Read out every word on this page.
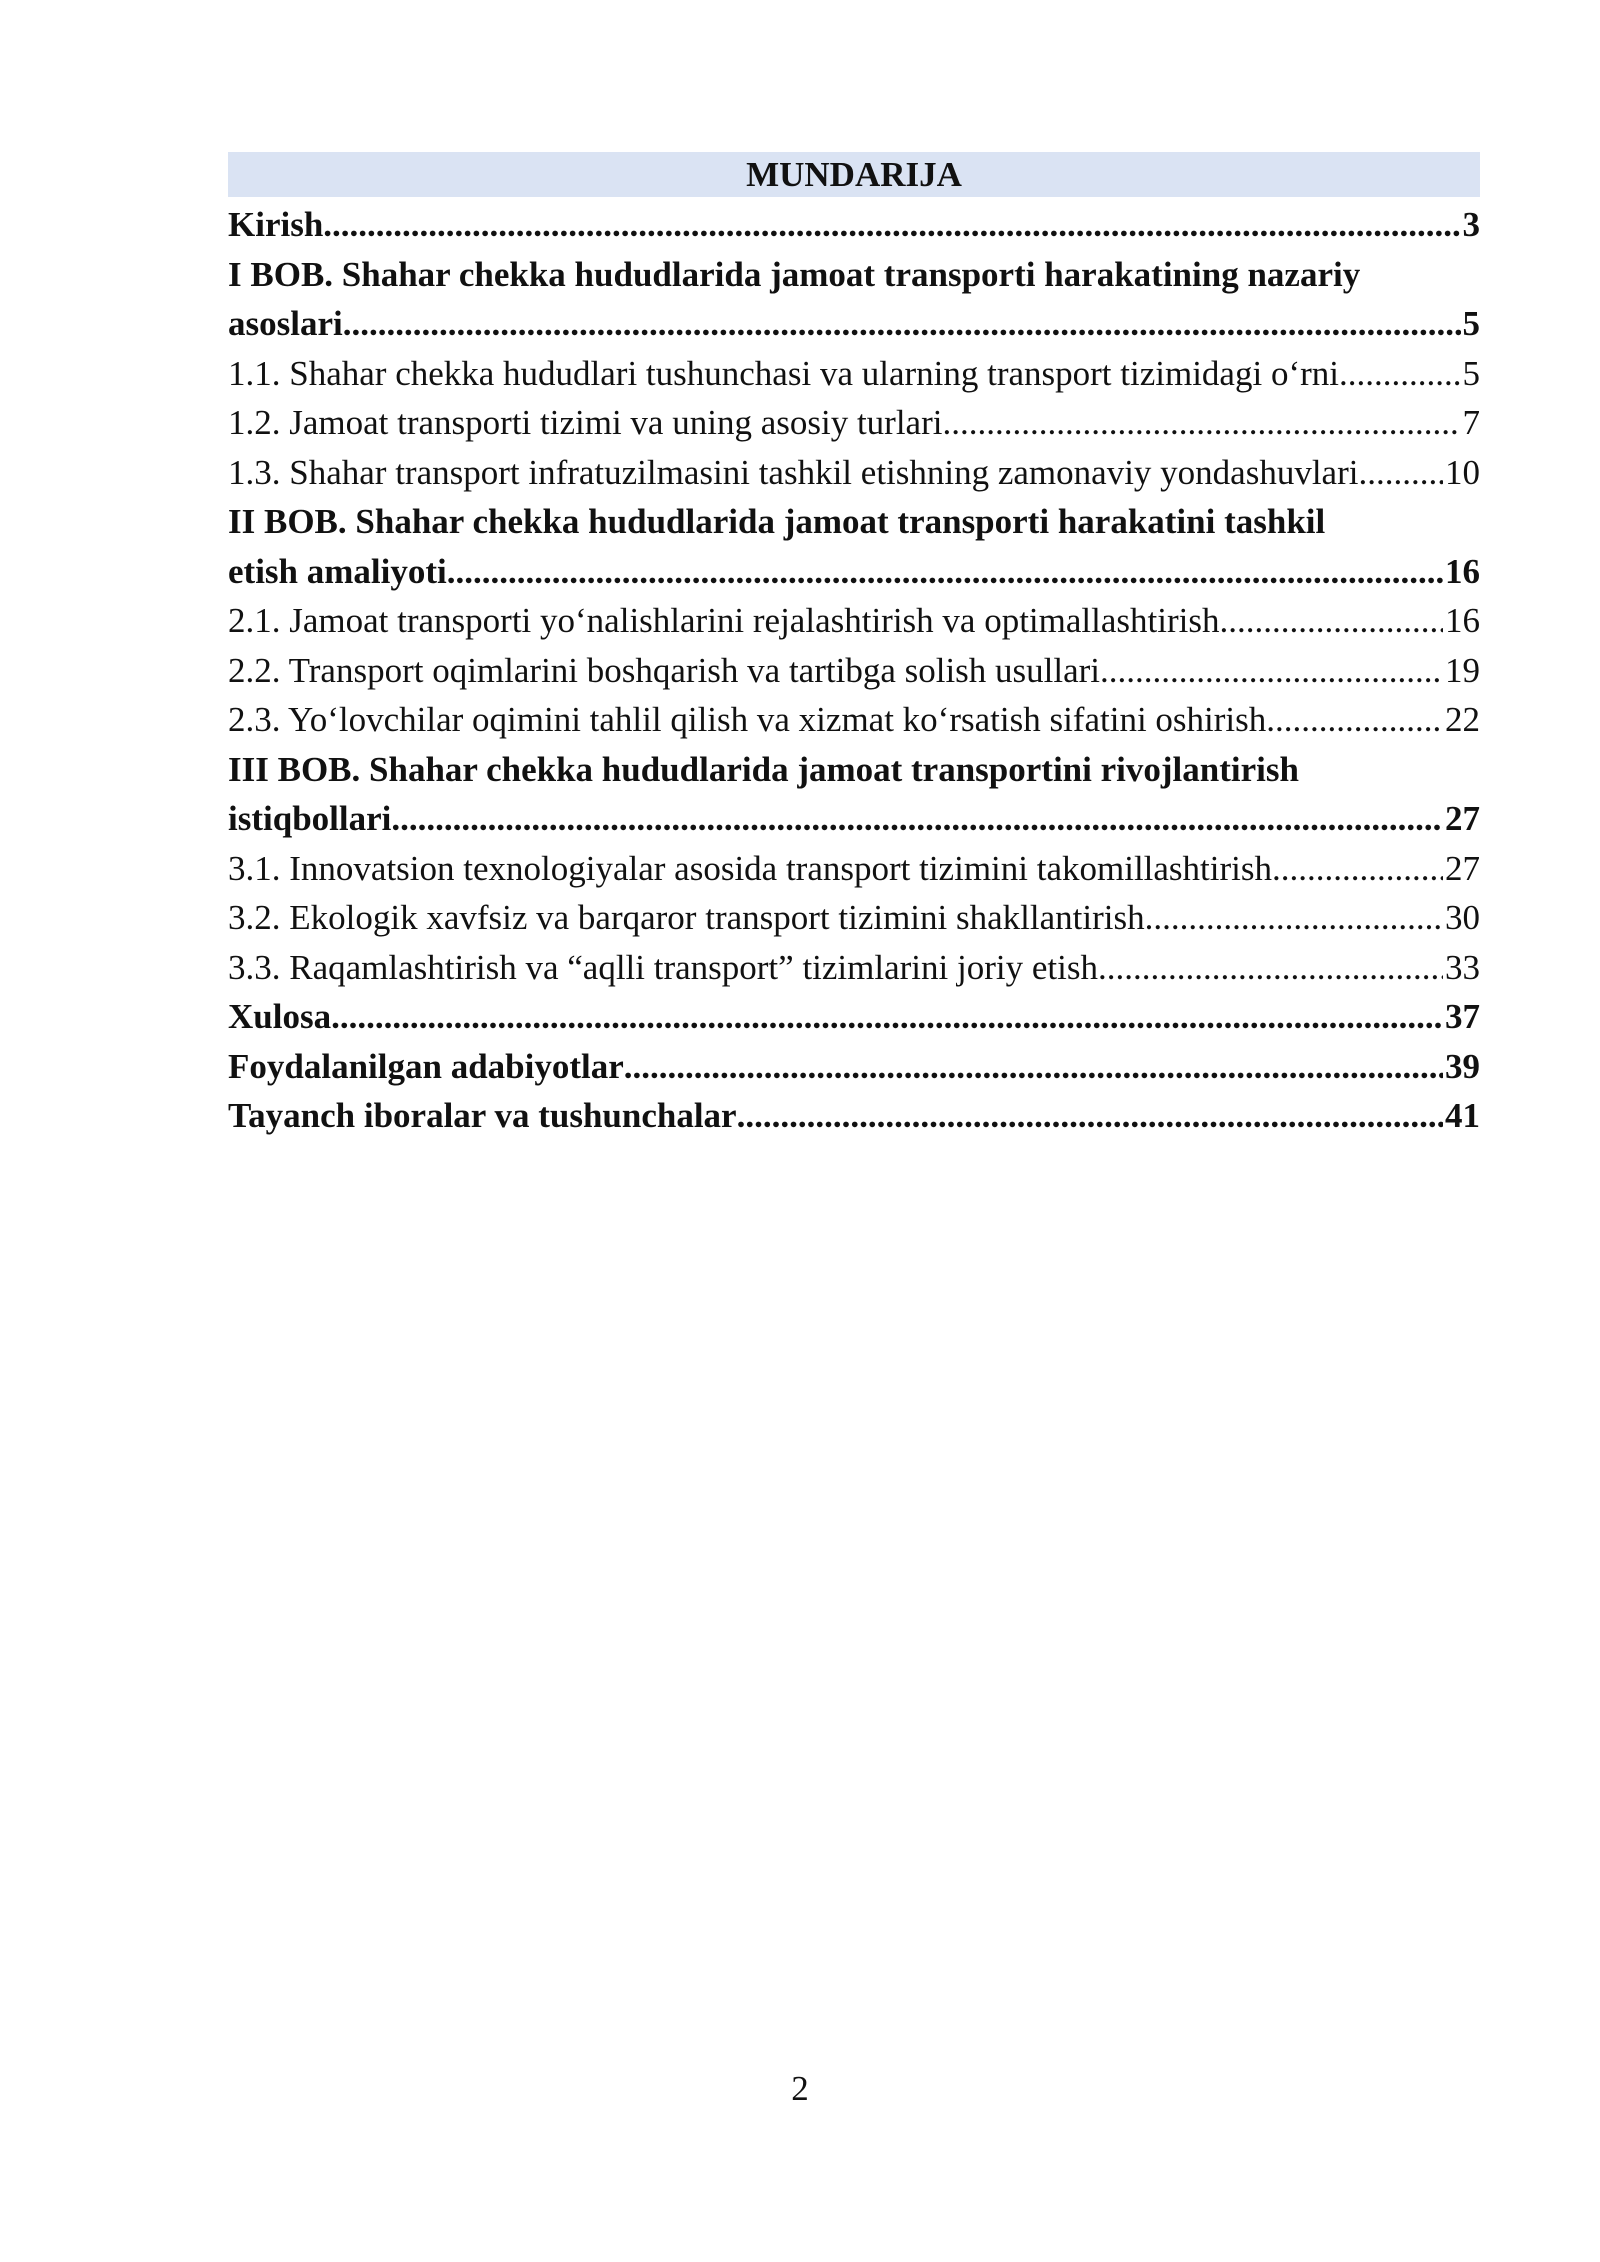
MUNDARIJA
Kirish .....	3
I BOB. Shahar chekka hududlarida jamoat transporti harakatining nazariy
asoslari .....	5
1.1. Shahar chekka hududlari tushunchasi va ularning transport tizimidagi o‘rni .....	5
1.2. Jamoat transporti tizimi va uning asosiy turlari .....	7
1.3. Shahar transport infratuzilmasini tashkil etishning zamonaviy yondashuvlari ..... 10
II BOB. Shahar chekka hududlarida jamoat transporti harakatini tashkil
etish amaliyoti .....	16
2.1. Jamoat transporti yo‘nalishlarini rejalashtirish va optimallashtirish .....	16
2.2. Transport oqimlarini boshqarish va tartibga solish usullari .....	19
2.3. Yo‘lovchilar oqimini tahlil qilish va xizmat ko‘rsatish sifatini oshirish .....	22
III BOB. Shahar chekka hududlarida jamoat transportini rivojlantirish
istiqbollari .....	27
3.1. Innovatsion texnologiyalar asosida transport tizimini takomillashtirish .....	27
3.2. Ekologik xavfsiz va barqaror transport tizimini shakllantirish .....	30
3.3. Raqamlashtirish va “aqlli transport” tizimlarini joriy etish .....	33
Xulosa .....	37
Foydalanilgan adabiyotlar .....	39
Tayanch iboralar va tushunchalar .....	41
2
